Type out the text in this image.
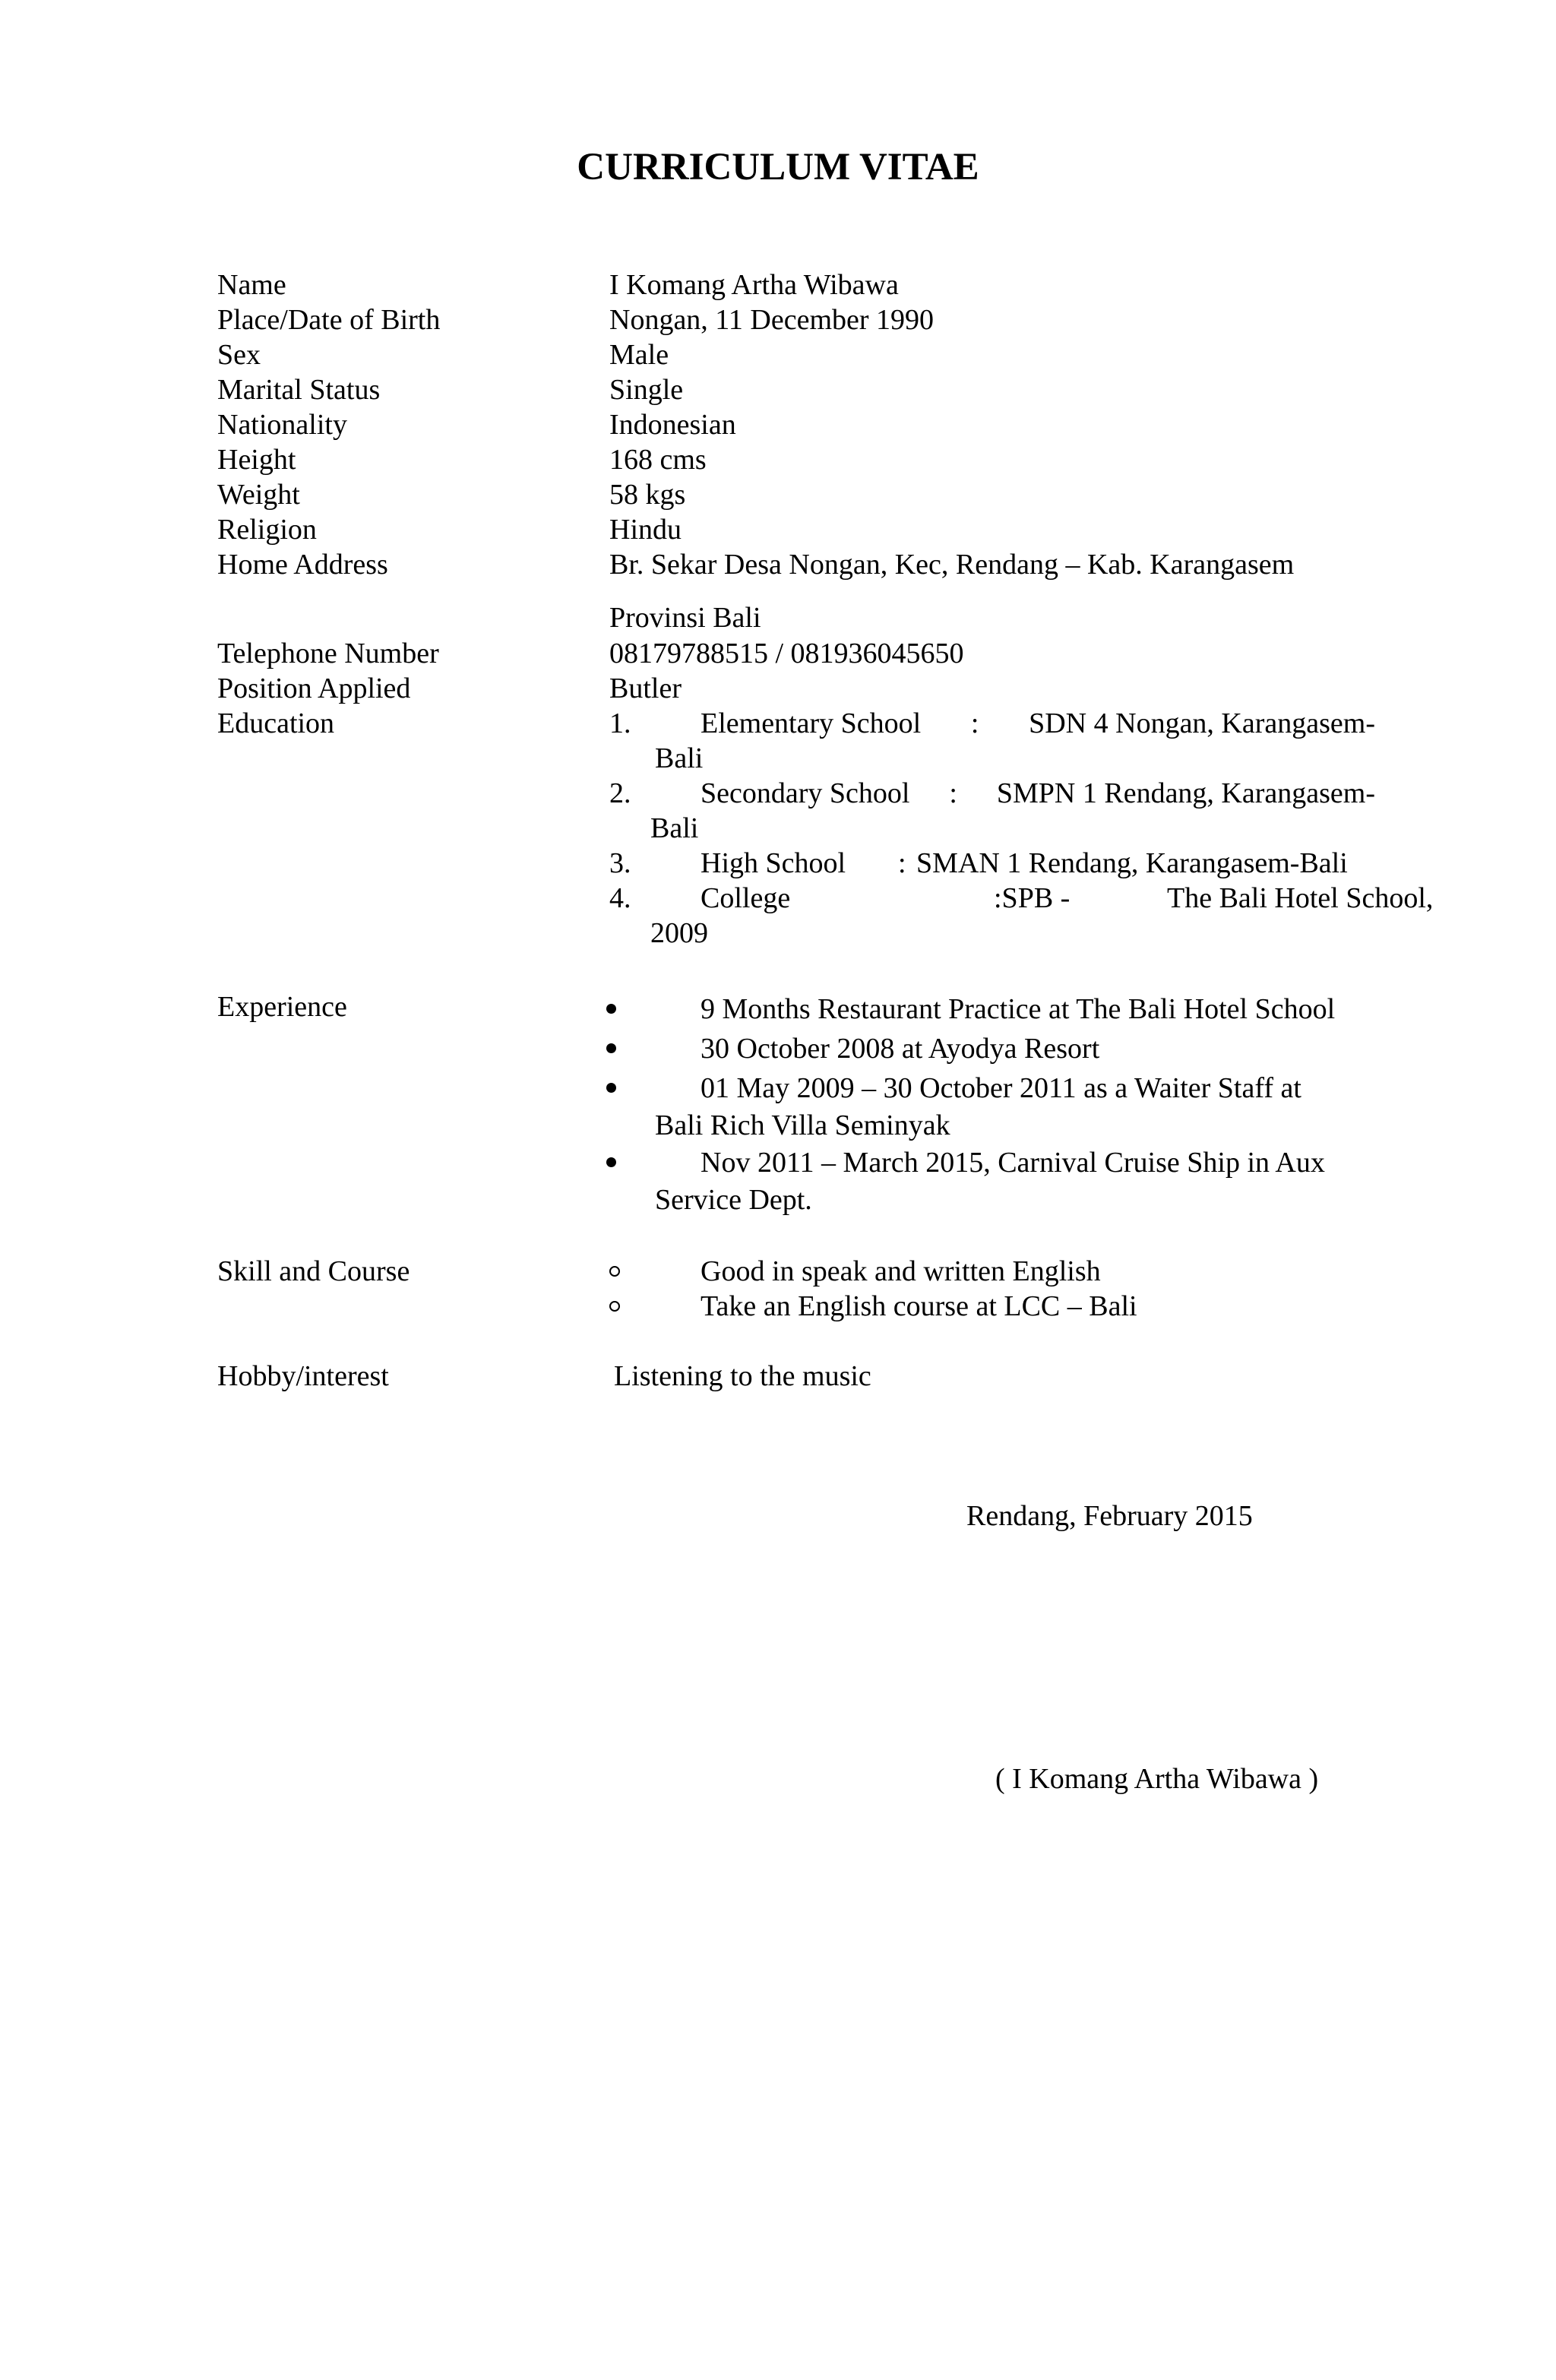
CURRICULUM VITAE
Name	I Komang Artha Wibawa
Place/Date of Birth	Nongan, 11 December 1990
Sex	Male
Marital Status	Single
Nationality	Indonesian
Height	168 cms
Weight	58 kgs
Religion	Hindu
Home Address	Br. Sekar Desa Nongan, Kec, Rendang – Kab. Karangasem
Provinsi Bali
Telephone Number	08179788515 / 081936045650
Position Applied	Butler
Education	1. Elementary School : SDN 4 Nongan, Karangasem-
Bali
2. Secondary School : SMPN 1 Rendang, Karangasem-
Bali
3. High School : SMAN 1 Rendang, Karangasem-Bali
4. College	:SPB -	The Bali Hotel School,
2009
Experience	9 Months Restaurant Practice at The Bali Hotel School
30 October 2008 at Ayodya Resort
01 May 2009 – 30 October 2011 as a Waiter Staff at
Bali Rich Villa Seminyak
Nov 2011 – March 2015, Carnival Cruise Ship in Aux
Service Dept.
Skill and Course	Good in speak and written English
Take an English course at LCC – Bali
Hobby/interest	Listening to the music
Rendang, February 2015
( I Komang Artha Wibawa )
